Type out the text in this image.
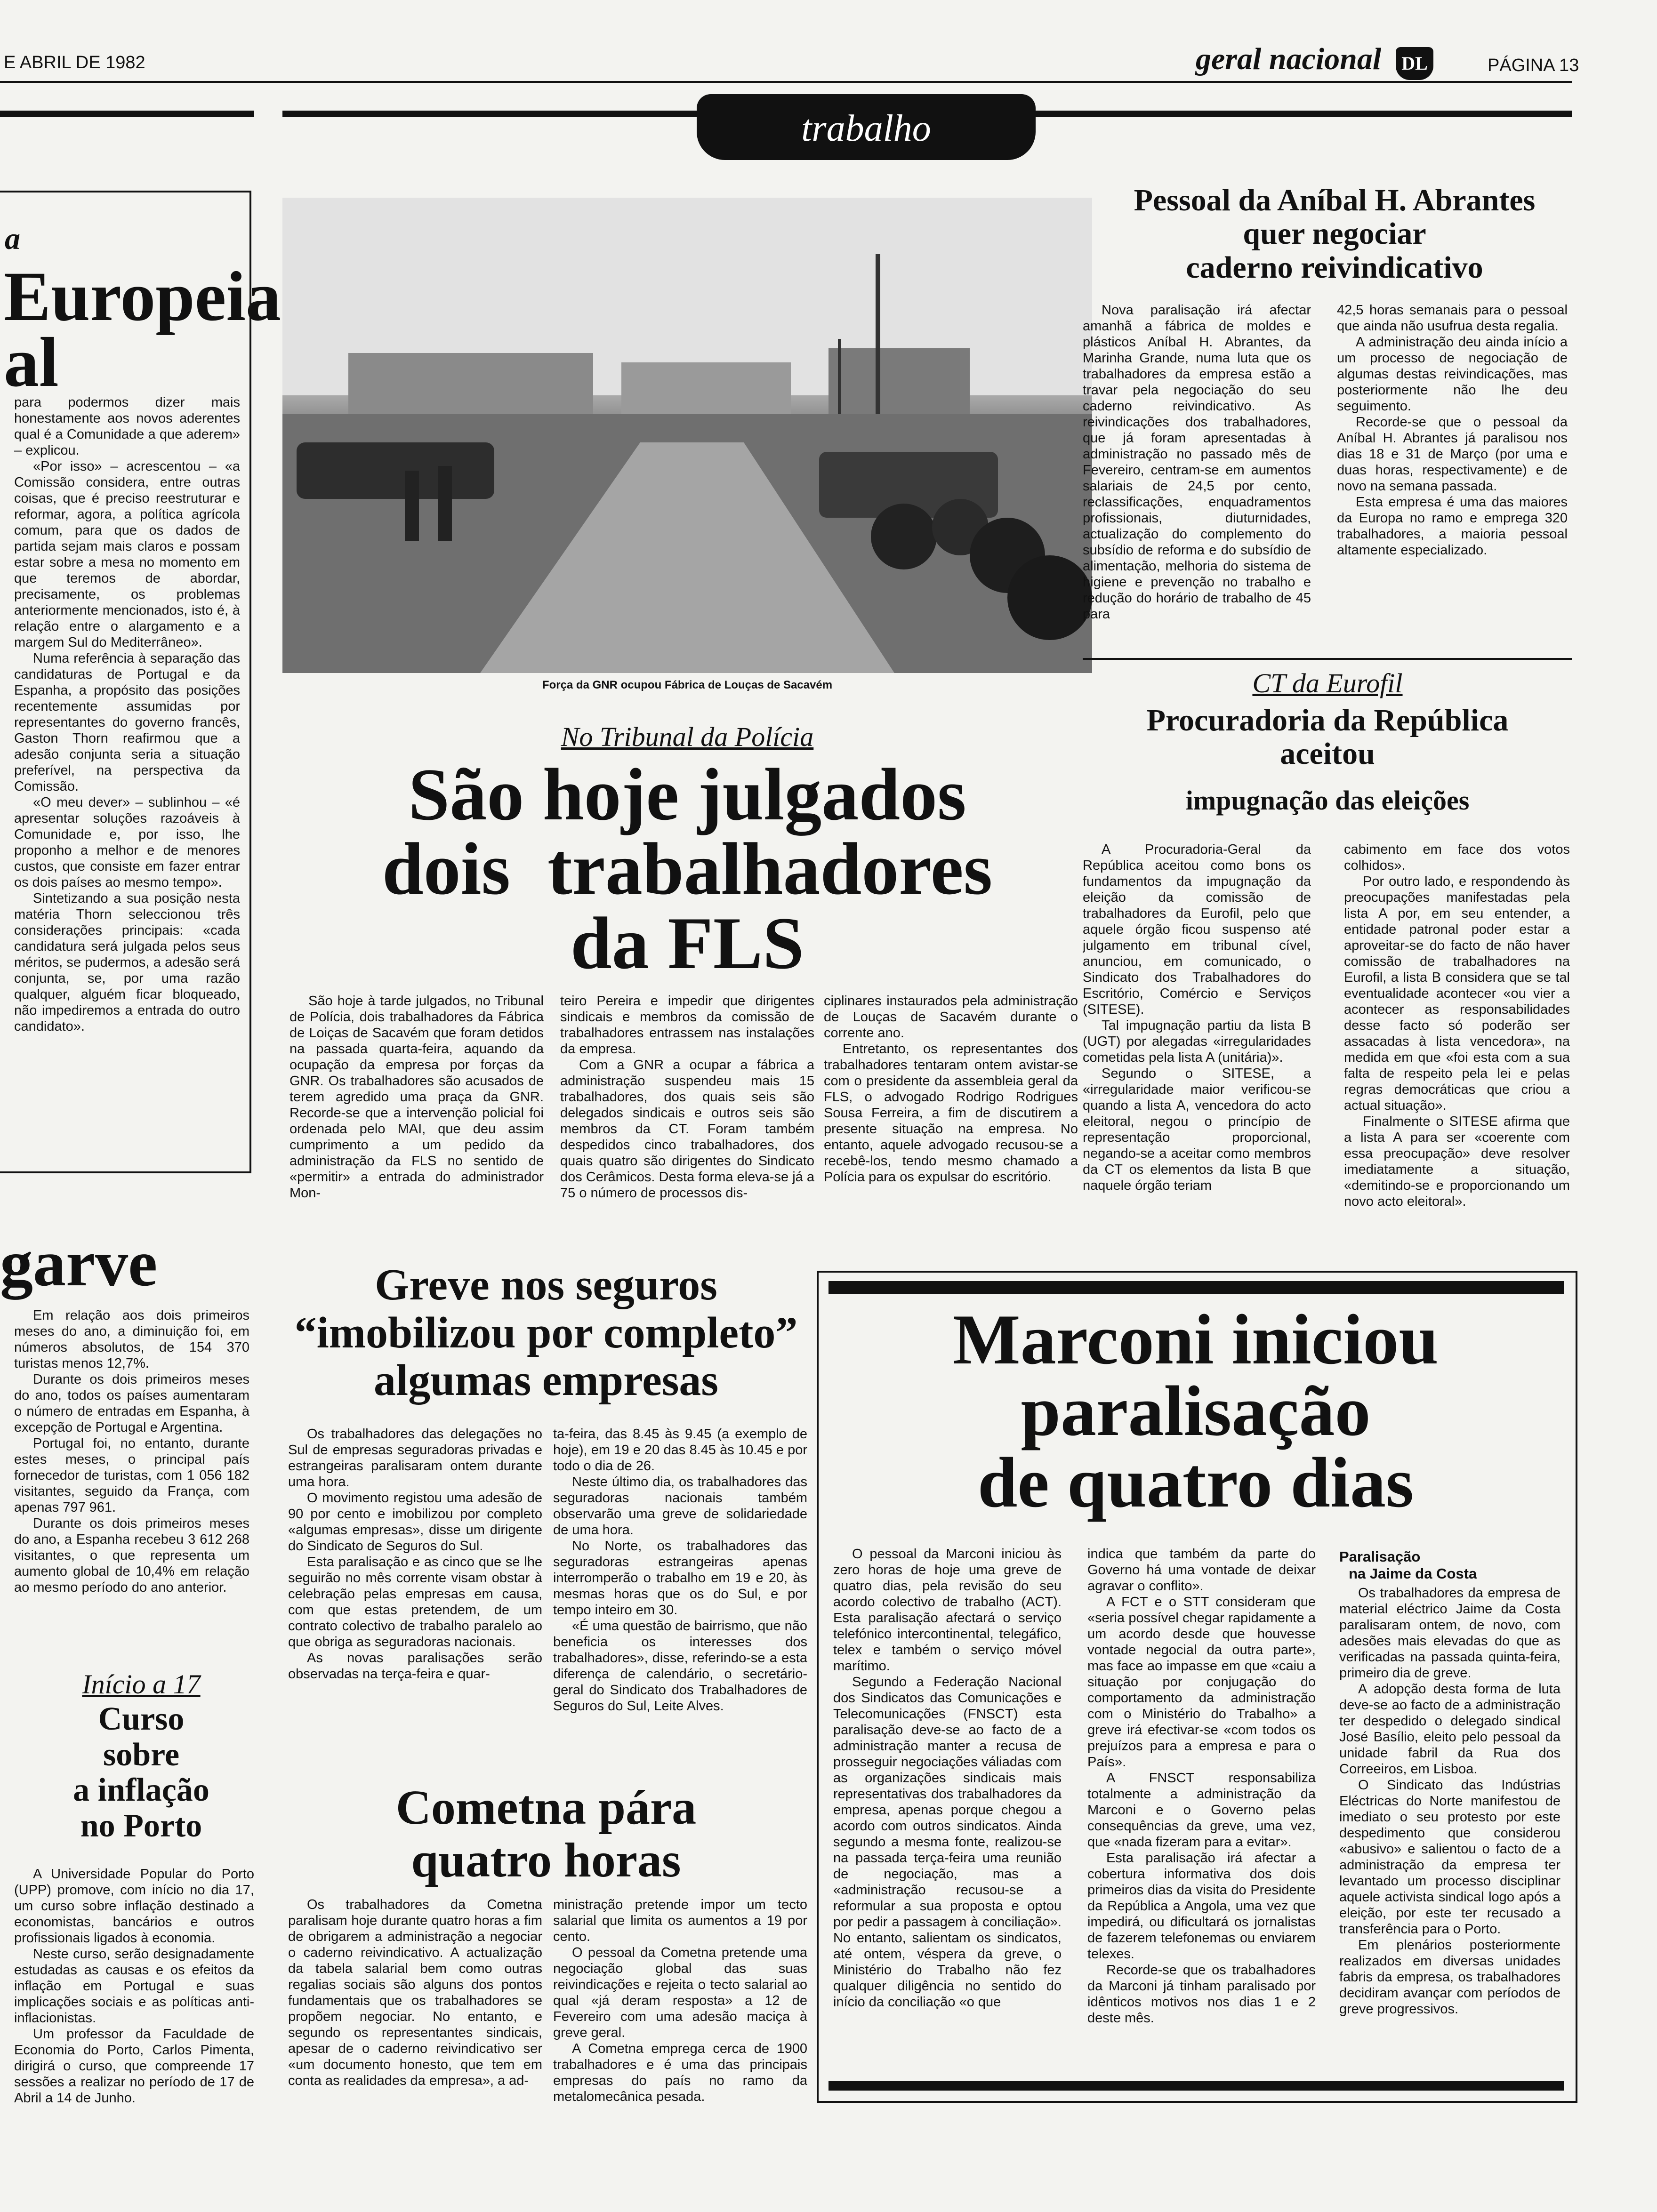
E ABRIL DE 1982	geral nacional	DL	PÁGINA 13
trabalho
a
Europeia
al

para podermos dizer mais honestamente aos novos aderentes qual é a Comunidade a que aderem» – explicou.

«Por isso» – acrescentou – «a Comissão considera, entre outras coisas, que é preciso reestruturar e reformar, agora, a política agrícola comum, para que os dados de partida sejam mais claros e possam estar sobre a mesa no momento em que teremos de abordar, precisamente, os problemas anteriormente mencionados, isto é, à relação entre o alargamento e a margem Sul do Mediterrâneo».

Numa referência à separação das candidaturas de Portugal e da Espanha, a propósito das posições recentemente assumidas por representantes do governo francês, Gaston Thorn reafirmou que a adesão conjunta seria a situação preferível, na perspectiva da Comissão.

«O meu dever» – sublinhou – «é apresentar soluções razoáveis à Comunidade e, por isso, lhe proponho a melhor e de menores custos, que consiste em fazer entrar os dois países ao mesmo tempo».

Sintetizando a sua posição nesta matéria Thorn seleccionou três considerações principais: «cada candidatura será julgada pelos seus méritos, se pudermos, a adesão será conjunta, se, por uma razão qualquer, alguém ficar bloqueado, não impediremos a entrada do outro candidato».

garve

Em relação aos dois primeiros meses do ano, a diminuição foi, em números absolutos, de 154 370 turistas menos 12,7%.

Durante os dois primeiros meses do ano, todos os países aumentaram o número de entradas em Espanha, à excepção de Portugal e Argentina.

Portugal foi, no entanto, durante estes meses, o principal país fornecedor de turistas, com 1 056 182 visitantes, seguido da França, com apenas 797 961.

Durante os dois primeiros meses do ano, a Espanha recebeu 3 612 268 visitantes, o que representa um aumento global de 10,4% em relação ao mesmo período do ano anterior.

Início a 17
Curso
sobre
a inflação
no Porto

A Universidade Popular do Porto (UPP) promove, com início no dia 17, um curso sobre inflação destinado a economistas, bancários e outros profissionais ligados à economia.

Neste curso, serão designadamente estudadas as causas e os efeitos da inflação em Portugal e suas implicações sociais e as políticas anti-inflacionistas.

Um professor da Faculdade de Economia do Porto, Carlos Pimenta, dirigirá o curso, que compreende 17 sessões a realizar no período de 17 de Abril a 14 de Junho.

Força da GNR ocupou Fábrica de Louças de Sacavém
No Tribunal da Polícia
São hoje julgados
dois  trabalhadores
da FLS

São hoje à tarde julgados, no Tribunal de Polícia, dois trabalhadores da Fábrica de Loiças de Sacavém que foram detidos na passada quarta-feira, aquando da ocupação da empresa por forças da GNR. Os trabalhadores são acusados de terem agredido uma praça da GNR. Recorde-se que a intervenção policial foi ordenada pelo MAI, que deu assim cumprimento a um pedido da administração da FLS no sentido de «permitir» a entrada do administrador Mon-

teiro Pereira e impedir que dirigentes sindicais e membros da comissão de trabalhadores entrassem nas instalações da empresa.

Com a GNR a ocupar a fábrica a administração suspendeu mais 15 trabalhadores, dos quais seis são delegados sindicais e outros seis são membros da CT. Foram também despedidos cinco trabalhadores, dos quais quatro são dirigentes do Sindicato dos Cerâmicos. Desta forma eleva-se já a 75 o número de processos dis-

ciplinares instaurados pela administração de Louças de Sacavém durante o corrente ano.

Entretanto, os representantes dos trabalhadores tentaram ontem avistar-se com o presidente da assembleia geral da FLS, o advogado Rodrigo Rodrigues Sousa Ferreira, a fim de discutirem a presente situação na empresa. No entanto, aquele advogado recusou-se a recebê-los, tendo mesmo chamado a Polícia para os expulsar do escritório.

Pessoal da Aníbal H. Abrantes
quer negociar
caderno reivindicativo

Nova paralisação irá afectar amanhã a fábrica de moldes e plásticos Aníbal H. Abrantes, da Marinha Grande, numa luta que os trabalhadores da empresa estão a travar pela negociação do seu caderno reivindicativo. As reivindicações dos trabalhadores, que já foram apresentadas à administração no passado mês de Fevereiro, centram-se em aumentos salariais de 24,5 por cento, reclassificações, enquadramentos profissionais, diuturnidades, actualização do complemento do subsídio de reforma e do subsídio de alimentação, melhoria do sistema de higiene e prevenção no trabalho e redução do horário de trabalho de 45 para

42,5 horas semanais para o pessoal que ainda não usufrua desta regalia.

A administração deu ainda início a um processo de negociação de algumas destas reivindicações, mas posteriormente não lhe deu seguimento.

Recorde-se que o pessoal da Aníbal H. Abrantes já paralisou nos dias 18 e 31 de Março (por uma e duas horas, respectivamente) e de novo na semana passada.

Esta empresa é uma das maiores da Europa no ramo e emprega 320 trabalhadores, a maioria pessoal altamente especializado.

CT da Eurofil
Procuradoria da República
aceitou
impugnação das eleições

A Procuradoria-Geral da República aceitou como bons os fundamentos da impugnação da eleição da comissão de trabalhadores da Eurofil, pelo que aquele órgão ficou suspenso até julgamento em tribunal cível, anunciou, em comunicado, o Sindicato dos Trabalhadores do Escritório, Comércio e Serviços (SITESE).

Tal impugnação partiu da lista B (UGT) por alegadas «irregularidades cometidas pela lista A (unitária)».

Segundo o SITESE, a «irregularidade maior verificou-se quando a lista A, vencedora do acto eleitoral, negou o princípio de representação proporcional, negando-se a aceitar como membros da CT os elementos da lista B que naquele órgão teriam

cabimento em face dos votos colhidos».

Por outro lado, e respondendo às preocupações manifestadas pela lista A por, em seu entender, a entidade patronal poder estar a aproveitar-se do facto de não haver comissão de trabalhadores na Eurofil, a lista B considera que se tal eventualidade acontecer «ou vier a acontecer as responsabilidades desse facto só poderão ser assacadas à lista vencedora», na medida em que «foi esta com a sua falta de respeito pela lei e pelas regras democráticas que criou a actual situação».

Finalmente o SITESE afirma que a lista A para ser «coerente com essa preocupação» deve resolver imediatamente a situação, «demitindo-se e proporcionando um novo acto eleitoral».

Greve nos seguros
“imobilizou por completo”
algumas empresas

Os trabalhadores das delegações no Sul de empresas seguradoras privadas e estrangeiras paralisaram ontem durante uma hora.

O movimento registou uma adesão de 90 por cento e imobilizou por completo «algumas empresas», disse um dirigente do Sindicato de Seguros do Sul.

Esta paralisação e as cinco que se lhe seguirão no mês corrente visam obstar à celebração pelas empresas em causa, com que estas pretendem, de um contrato colectivo de trabalho paralelo ao que obriga as seguradoras nacionais.

As novas paralisações serão observadas na terça-feira e quar-

ta-feira, das 8.45 às 9.45 (a exemplo de hoje), em 19 e 20 das 8.45 às 10.45 e por todo o dia de 26.

Neste último dia, os trabalhadores das seguradoras nacionais também observarão uma greve de solidariedade de uma hora.

No Norte, os trabalhadores das seguradoras estrangeiras apenas interromperão o trabalho em 19 e 20, às mesmas horas que os do Sul, e por tempo inteiro em 30.

«É uma questão de bairrismo, que não beneficia os interesses dos trabalhadores», disse, referindo-se a esta diferença de calendário, o secretário-geral do Sindicato dos Trabalhadores de Seguros do Sul, Leite Alves.

Cometna pára
quatro horas

Os trabalhadores da Cometna paralisam hoje durante quatro horas a fim de obrigarem a administração a negociar o caderno reivindicativo. A actualização da tabela salarial bem como outras regalias sociais são alguns dos pontos fundamentais que os trabalhadores se propõem negociar. No entanto, e segundo os representantes sindicais, apesar de o caderno reivindicativo ser «um documento honesto, que tem em conta as realidades da empresa», a ad-

ministração pretende impor um tecto salarial que limita os aumentos a 19 por cento.

O pessoal da Cometna pretende uma negociação global das suas reivindicações e rejeita o tecto salarial ao qual «já deram resposta» a 12 de Fevereiro com uma adesão maciça à greve geral.

A Cometna emprega cerca de 1900 trabalhadores e é uma das principais empresas do país no ramo da metalomecânica pesada.

Marconi iniciou
paralisação
de quatro dias

O pessoal da Marconi iniciou às zero horas de hoje uma greve de quatro dias, pela revisão do seu acordo colectivo de trabalho (ACT). Esta paralisação afectará o serviço telefónico intercontinental, telegáfico, telex e também o serviço móvel marítimo.

Segundo a Federação Nacional dos Sindicatos das Comunicações e Telecomunicações (FNSCT) esta paralisação deve-se ao facto de a administração manter a recusa de prosseguir negociações váliadas com as organizações sindicais mais representativas dos trabalhadores da empresa, apenas porque chegou a acordo com outros sindicatos. Ainda segundo a mesma fonte, realizou-se na passada terça-feira uma reunião de negociação, mas a «administração recusou-se a reformular a sua proposta e optou por pedir a passagem à conciliação». No entanto, salientam os sindicatos, até ontem, véspera da greve, o Ministério do Trabalho não fez qualquer diligência no sentido do início da conciliação «o que

indica que também da parte do Governo há uma vontade de deixar agravar o conflito».

A FCT e o STT consideram que «seria possível chegar rapidamente a um acordo desde que houvesse vontade negocial da outra parte», mas face ao impasse em que «caiu a situação por conjugação do comportamento da administração com o Ministério do Trabalho» a greve irá efectivar-se «com todos os prejuízos para a empresa e para o País».

A FNSCT responsabiliza totalmente a administração da Marconi e o Governo pelas consequências da greve, uma vez, que «nada fizeram para a evitar».

Esta paralisação irá afectar a cobertura informativa dos dois primeiros dias da visita do Presidente da República a Angola, uma vez que impedirá, ou dificultará os jornalistas de fazerem telefonemas ou enviarem telexes.

Recorde-se que os trabalhadores da Marconi já tinham paralisado por idênticos motivos nos dias 1 e 2 deste mês.

Paralisação
na Jaime da Costa

Os trabalhadores da empresa de material eléctrico Jaime da Costa paralisaram ontem, de novo, com adesões mais elevadas do que as verificadas na passada quinta-feira, primeiro dia de greve.

A adopção desta forma de luta deve-se ao facto de a administração ter despedido o delegado sindical José Basílio, eleito pelo pessoal da unidade fabril da Rua dos Correeiros, em Lisboa.

O Sindicato das Indústrias Eléctricas do Norte manifestou de imediato o seu protesto por este despedimento que considerou «abusivo» e salientou o facto de a administração da empresa ter levantado um processo disciplinar aquele activista sindical logo após a eleição, por este ter recusado a transferência para o Porto.

Em plenários posteriormente realizados em diversas unidades fabris da empresa, os trabalhadores decidiram avançar com períodos de greve progressivos.
